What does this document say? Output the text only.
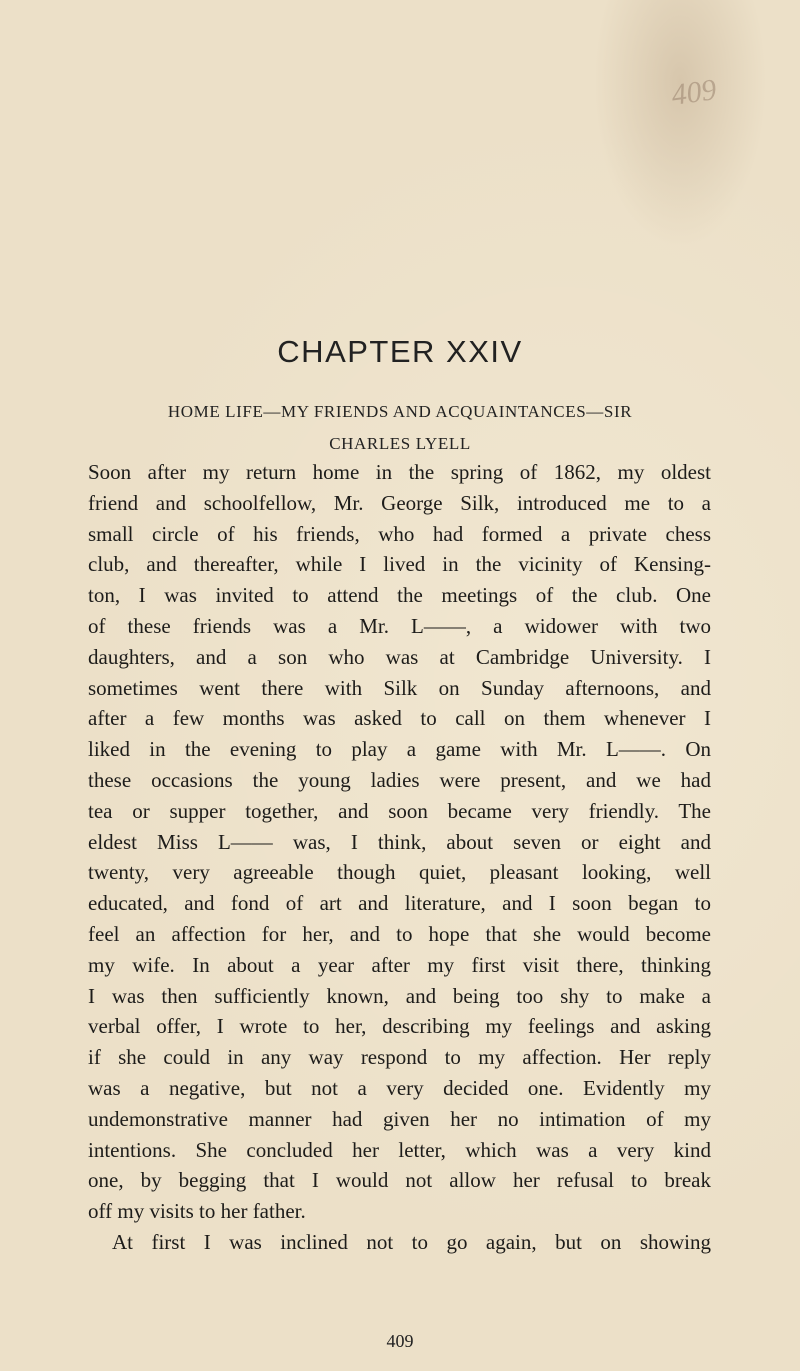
409
CHAPTER XXIV
HOME LIFE—MY FRIENDS AND ACQUAINTANCES—SIR
CHARLES LYELL
Soon after my return home in the spring of 1862, my oldest
friend and schoolfellow, Mr. George Silk, introduced me to a
small circle of his friends, who had formed a private chess
club, and thereafter, while I lived in the vicinity of Kensing-
ton, I was invited to attend the meetings of the club. One
of these friends was a Mr. L——, a widower with two
daughters, and a son who was at Cambridge University. I
sometimes went there with Silk on Sunday afternoons, and
after a few months was asked to call on them whenever I
liked in the evening to play a game with Mr. L——. On
these occasions the young ladies were present, and we had
tea or supper together, and soon became very friendly. The
eldest Miss L—— was, I think, about seven or eight and
twenty, very agreeable though quiet, pleasant looking, well
educated, and fond of art and literature, and I soon began to
feel an affection for her, and to hope that she would become
my wife. In about a year after my first visit there, thinking
I was then sufficiently known, and being too shy to make a
verbal offer, I wrote to her, describing my feelings and asking
if she could in any way respond to my affection. Her reply
was a negative, but not a very decided one. Evidently my
undemonstrative manner had given her no intimation of my
intentions. She concluded her letter, which was a very kind
one, by begging that I would not allow her refusal to break
off my visits to her father.
At first I was inclined not to go again, but on showing
409
